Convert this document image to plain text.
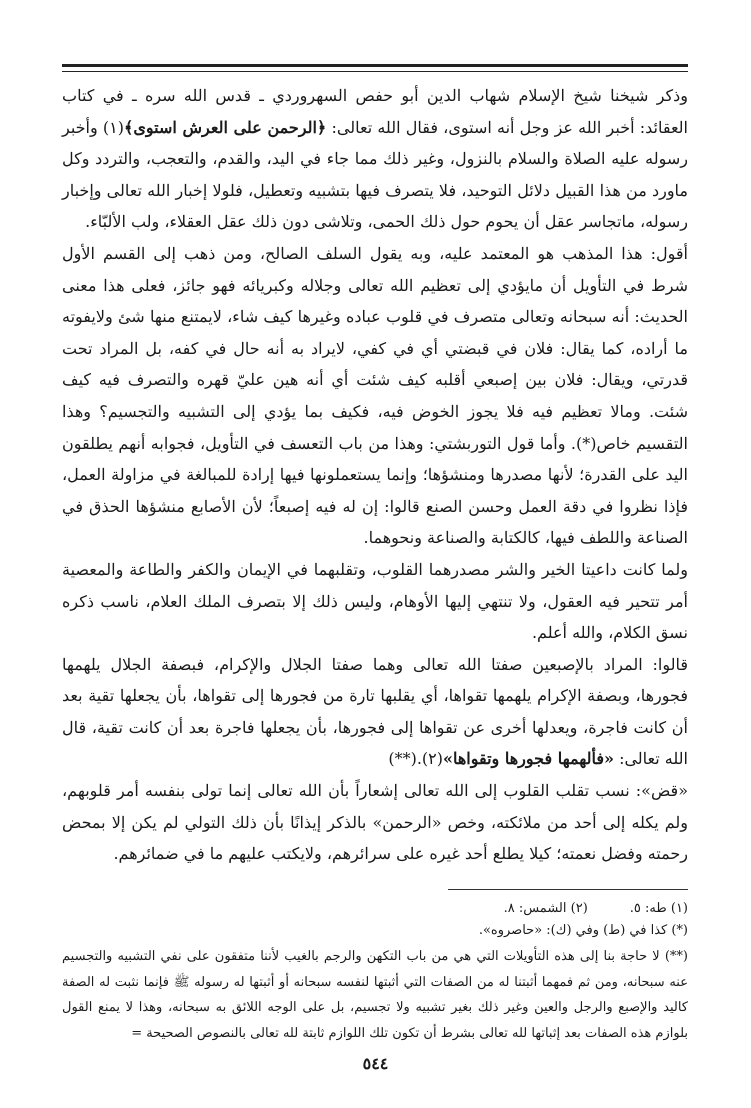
وذكر شيخنا شيخ الإسلام شهاب الدين أبو حفص السهروردي ـ قدس الله سره ـ في كتاب العقائد: أخبر الله عز وجل أنه استوى، فقال الله تعالى: ﴿الرحمن على العرش استوى﴾(١) وأخبر رسوله عليه الصلاة والسلام بالنزول، وغير ذلك مما جاء في اليد، والقدم، والتعجب، والتردد وكل ماورد من هذا القبيل دلائل التوحيد، فلا يتصرف فيها بتشبيه وتعطيل، فلولا إخبار الله تعالى وإخبار رسوله، ماتجاسر عقل أن يحوم حول ذلك الحمى، وتلاشى دون ذلك عقل العقلاء، ولب الألبّاء.

أقول: هذا المذهب هو المعتمد عليه، وبه يقول السلف الصالح، ومن ذهب إلى القسم الأول شرط في التأويل أن مايؤدي إلى تعظيم الله تعالى وجلاله وكبريائه فهو جائز، فعلى هذا معنى الحديث: أنه سبحانه وتعالى متصرف في قلوب عباده وغيرها كيف شاء، لايمتنع منها شئ ولايفوته ما أراده، كما يقال: فلان في قبضتي أي في كفي، لايراد به أنه حال في كفه، بل المراد تحت قدرتي، ويقال: فلان بين إصبعي أقلبه كيف شئت أي أنه هين عليّ قهره والتصرف فيه كيف شئت. ومالا تعظيم فيه فلا يجوز الخوض فيه، فكيف بما يؤدي إلى التشبيه والتجسيم؟ وهذا التقسيم خاص(*). وأما قول التوربشتي: وهذا من باب التعسف في التأويل، فجوابه أنهم يطلقون اليد على القدرة؛ لأنها مصدرها ومنشؤها؛ وإنما يستعملونها فيها إرادة للمبالغة في مزاولة العمل، فإذا نظروا في دقة العمل وحسن الصنع قالوا: إن له فيه إصبعاً؛ لأن الأصابع منشؤها الحذق في الصناعة واللطف فيها، كالكتابة والصناعة ونحوهما.

ولما كانت داعيتا الخير والشر مصدرهما القلوب، وتقلبهما في الإيمان والكفر والطاعة والمعصية أمر تتحير فيه العقول، ولا تنتهي إليها الأوهام، وليس ذلك إلا بتصرف الملك العلام، ناسب ذكره نسق الكلام، والله أعلم.

قالوا: المراد بالإصبعين صفتا الله تعالى وهما صفتا الجلال والإكرام، فبصفة الجلال يلهمها فجورها، وبصفة الإكرام يلهمها تقواها، أي يقلبها تارة من فجورها إلى تقواها، بأن يجعلها تقية بعد أن كانت فاجرة، ويعدلها أخرى عن تقواها إلى فجورها، بأن يجعلها فاجرة بعد أن كانت تقية، قال الله تعالى: «فألهمها فجورها وتقواها»(٢).(**)

«قض»: نسب تقلب القلوب إلى الله تعالى إشعاراً بأن الله تعالى إنما تولى بنفسه أمر قلوبهم، ولم يكله إلى أحد من ملائكته، وخص «الرحمن» بالذكر إيذانًا بأن ذلك التولي لم يكن إلا بمحض رحمته وفضل نعمته؛ كيلا يطلع أحد غيره على سرائرهم، ولايكتب عليهم ما في ضمائرهم.

(١) طه: ٥.(٢) الشمس: ٨.
(*) كذا في (ط) وفي (ك): «حاصروه».
(**) لا حاجة بنا إلى هذه التأويلات التي هي من باب التكهن والرجم بالغيب لأننا متفقون على نفي التشبيه والتجسيم عنه سبحانه، ومن ثم فمهما أثبتنا له من الصفات التي أثبتها لنفسه سبحانه أو أثبتها له رسوله ﷺ فإنما نثبت له الصفة كاليد والإصبع والرجل والعين وغير ذلك بغير تشبيه ولا تجسيم، بل على الوجه اللائق به سبحانه، وهذا لا يمنع القول بلوازم هذه الصفات بعد إثباتها لله تعالى بشرط أن تكون تلك اللوازم ثابتة لله تعالى بالنصوص الصحيحة =
٥٤٤
